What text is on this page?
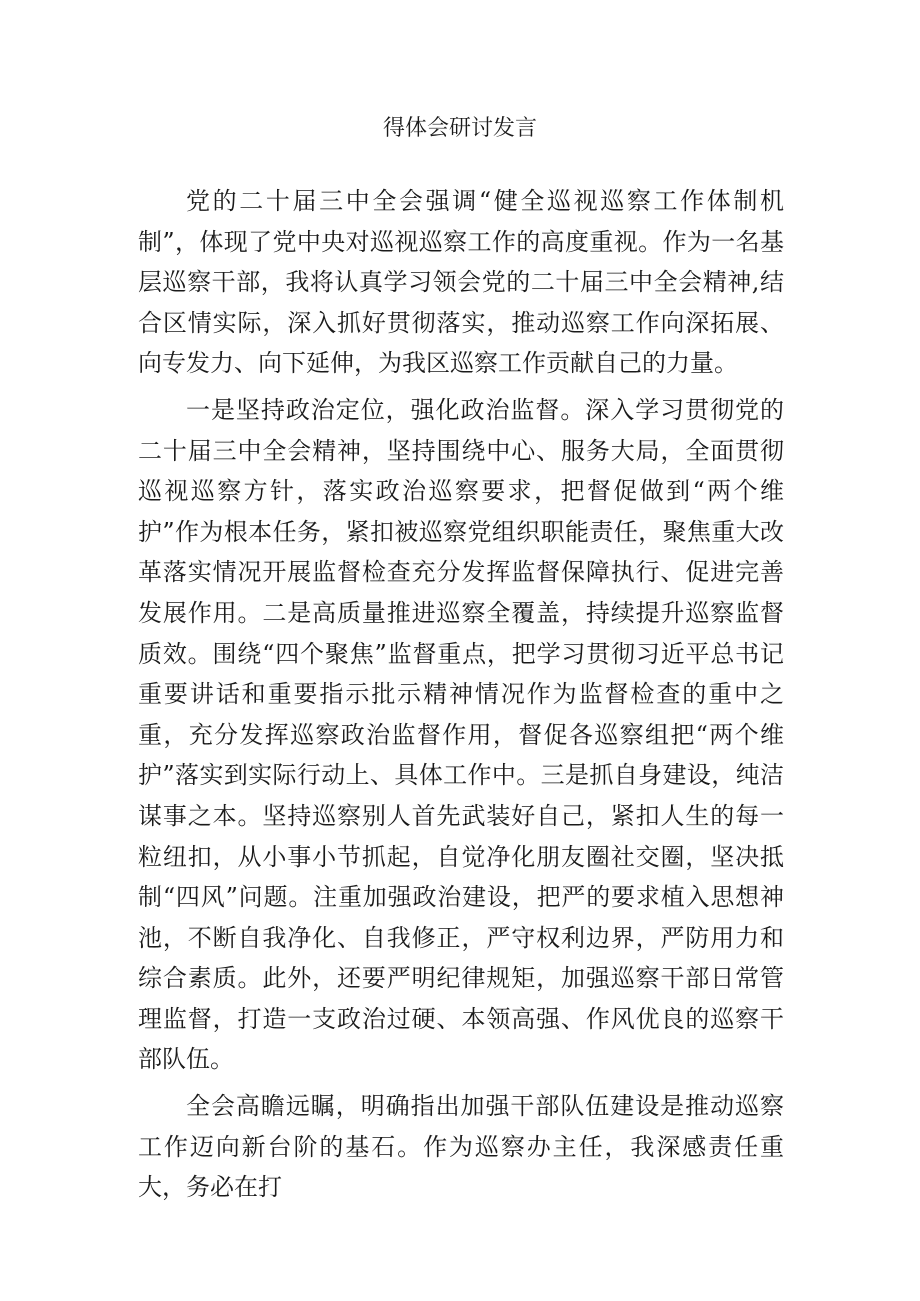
得体会研讨发言

党的二十届三中全会强调“健全巡视巡察工作体制机制”，体现了党中央对巡视巡察工作的高度重视。作为一名基层巡察干部，我将认真学习领会党的二十届三中全会精神,结合区情实际，深入抓好贯彻落实，推动巡察工作向深拓展、向专发力、向下延伸，为我区巡察工作贡献自己的力量。

一是坚持政治定位，强化政治监督。深入学习贯彻党的二十届三中全会精神，坚持围绕中心、服务大局，全面贯彻巡视巡察方针，落实政治巡察要求，把督促做到“两个维护”作为根本任务，紧扣被巡察党组织职能责任，聚焦重大改革落实情况开展监督检查充分发挥监督保障执行、促进完善发展作用。二是高质量推进巡察全覆盖，持续提升巡察监督质效。围绕“四个聚焦”监督重点，把学习贯彻习近平总书记重要讲话和重要指示批示精神情况作为监督检查的重中之重，充分发挥巡察政治监督作用，督促各巡察组把“两个维护”落实到实际行动上、具体工作中。三是抓自身建设，纯洁谋事之本。坚持巡察别人首先武装好自己，紧扣人生的每一粒纽扣，从小事小节抓起，自觉净化朋友圈社交圈，坚决抵制“四风”问题。注重加强政治建设，把严的要求植入思想神池，不断自我净化、自我修正，严守权利边界，严防用力和综合素质。此外，还要严明纪律规矩，加强巡察干部日常管理监督，打造一支政治过硬、本领高强、作风优良的巡察干部队伍。

全会高瞻远瞩，明确指出加强干部队伍建设是推动巡察工作迈向新台阶的基石。作为巡察办主任，我深感责任重大，务必在打
